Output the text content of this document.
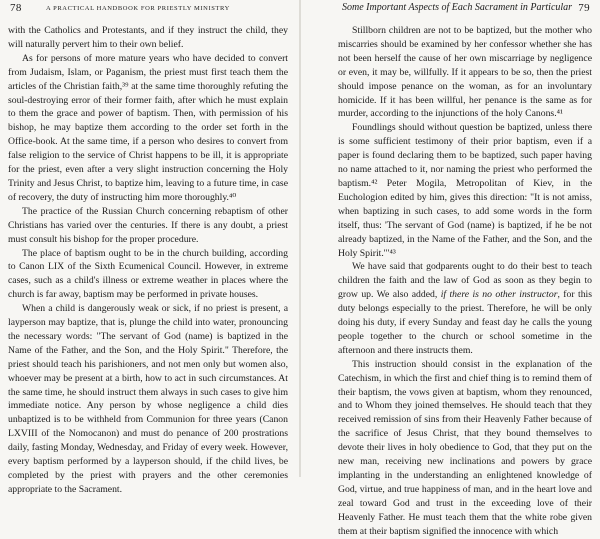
78	A PRACTICAL HANDBOOK FOR PRIESTLY MINISTRY

with the Catholics and Protestants, and if they instruct the child, they will naturally pervert him to their own belief.

As for persons of more mature years who have decided to convert from Judaism, Islam, or Paganism, the priest must first teach them the articles of the Christian faith,³⁹ at the same time thoroughly refuting the soul-destroying error of their former faith, after which he must explain to them the grace and power of baptism. Then, with permission of his bishop, he may baptize them according to the order set forth in the Office-book. At the same time, if a person who desires to convert from false religion to the service of Christ happens to be ill, it is appropriate for the priest, even after a very slight instruction concerning the Holy Trinity and Jesus Christ, to baptize him, leaving to a future time, in case of recovery, the duty of instructing him more thoroughly.⁴⁰

The practice of the Russian Church concerning rebaptism of other Christians has varied over the centuries. If there is any doubt, a priest must consult his bishop for the proper procedure.

The place of baptism ought to be in the church building, according to Canon LIX of the Sixth Ecumenical Council. However, in extreme cases, such as a child's illness or extreme weather in places where the church is far away, baptism may be performed in private houses.

When a child is dangerously weak or sick, if no priest is present, a layperson may baptize, that is, plunge the child into water, pronouncing the necessary words: "The servant of God (name) is baptized in the Name of the Father, and the Son, and the Holy Spirit." Therefore, the priest should teach his parishioners, and not men only but women also, whoever may be present at a birth, how to act in such circumstances. At the same time, he should instruct them always in such cases to give him immediate notice. Any person by whose negligence a child dies unbaptized is to be withheld from Communion for three years (Canon LXVIII of the Nomocanon) and must do penance of 200 prostrations daily, fasting Monday, Wednesday, and Friday of every week. However, every baptism performed by a layperson should, if the child lives, be completed by the priest with prayers and the other ceremonies appropriate to the Sacrament.

Some Important Aspects of Each Sacrament in Particular 79

Stillborn children are not to be baptized, but the mother who miscarries should be examined by her confessor whether she has not been herself the cause of her own miscarriage by negligence or even, it may be, willfully. If it appears to be so, then the priest should impose penance on the woman, as for an involuntary homicide. If it has been willful, her penance is the same as for murder, according to the injunctions of the holy Canons.⁴¹

Foundlings should without question be baptized, unless there is some sufficient testimony of their prior baptism, even if a paper is found declaring them to be baptized, such paper having no name attached to it, nor naming the priest who performed the baptism.⁴² Peter Mogila, Metropolitan of Kiev, in the Euchologion edited by him, gives this direction: "It is not amiss, when baptizing in such cases, to add some words in the form itself, thus: 'The servant of God (name) is baptized, if he be not already baptized, in the Name of the Father, and the Son, and the Holy Spirit.'"⁴³

We have said that godparents ought to do their best to teach children the faith and the law of God as soon as they begin to grow up. We also added, if there is no other instructor, for this duty belongs especially to the priest. Therefore, he will be only doing his duty, if every Sunday and feast day he calls the young people together to the church or school sometime in the afternoon and there instructs them.

This instruction should consist in the explanation of the Catechism, in which the first and chief thing is to remind them of their baptism, the vows given at baptism, whom they renounced, and to Whom they joined themselves. He should teach that they received remission of sins from their Heavenly Father because of the sacrifice of Jesus Christ, that they bound themselves to devote their lives in holy obedience to God, that they put on the new man, receiving new inclinations and powers by grace implanting in the understanding an enlightened knowledge of God, virtue, and true happiness of man, and in the heart love and zeal toward God and trust in the exceeding love of their Heavenly Father. He must teach them that the white robe given them at their baptism signified the innocence with which
